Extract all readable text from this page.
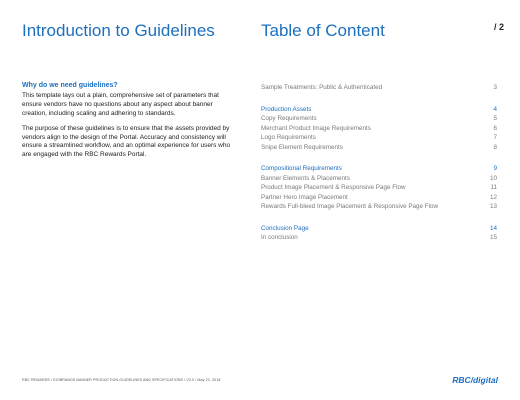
/ 2
Introduction to Guidelines
Why do we need guidelines?

This template lays out a plain, comprehensive set of parameters that ensure vendors have no questions about any aspect about banner creation, including scaling and adhering to standards.

The purpose of these guidelines is to ensure that the assets provided by vendors align to the design of the Portal. Accuracy and consistency will ensure a streamlined workflow, and an optimal experience for users who are engaged with the RBC Rewards Portal.

Table of Content
Sample Treatments: Public & Authenticated	3
Production Assets	4
Copy Requirements	5
Merchant Product Image Requirements	6
Logo Requirements	7
Snipe Element Requirements	8
Compositional Requirements	9
Banner Elements & Placements	10
Product Image Placement & Responsive Page Flow	11
Partner Hero Image Placement	12
Rewards Full-bleed Image Placement & Responsive Page Flow	13
Conclusion Page	14
In conclusion	15
RBC REWARDS / EGIBRANDS BANNER PRODUCTION GUIDELINES AND SPECIFICATIONS / V3.0 / May 22, 2018	RBC/digital
